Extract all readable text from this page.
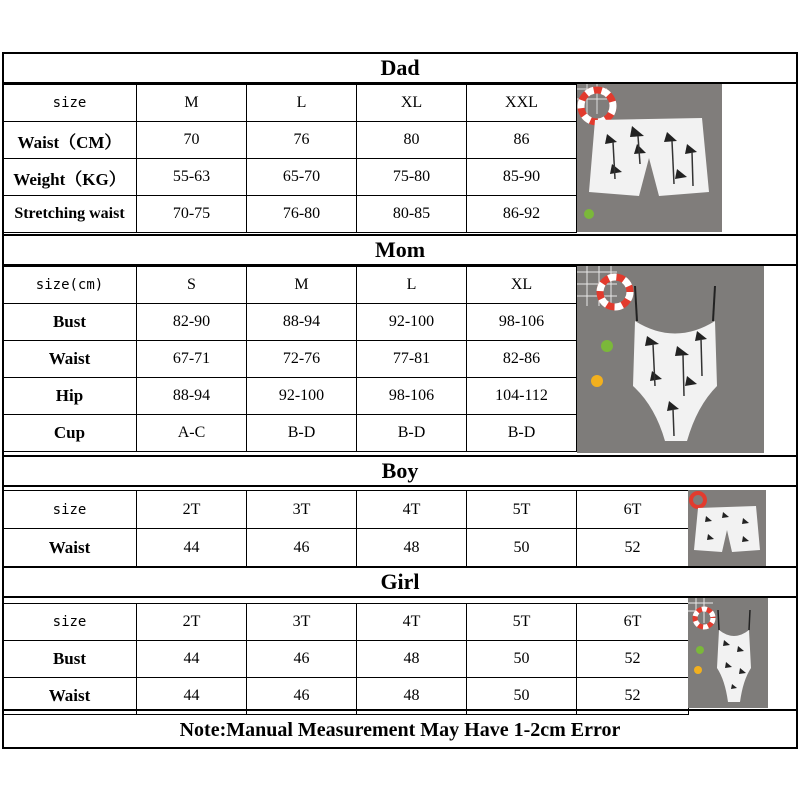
Dad
size	M	L	XL	XXL
Waist（CM）	70	76	80	86
Weight（KG）	55-63	65-70	75-80	85-90
Stretching waist	70-75	76-80	80-85	86-92
Mom
size(cm)	S	M	L	XL
Bust	82-90	88-94	92-100	98-106
Waist	67-71	72-76	77-81	82-86
Hip	88-94	92-100	98-106	104-112
Cup	A-C	B-D	B-D	B-D
Boy
size	2T	3T	4T	5T	6T
Waist	44	46	48	50	52
Girl
size	2T	3T	4T	5T	6T
Bust	44	46	48	50	52
Waist	44	46	48	50	52
Note:Manual Measurement May Have 1-2cm Error
